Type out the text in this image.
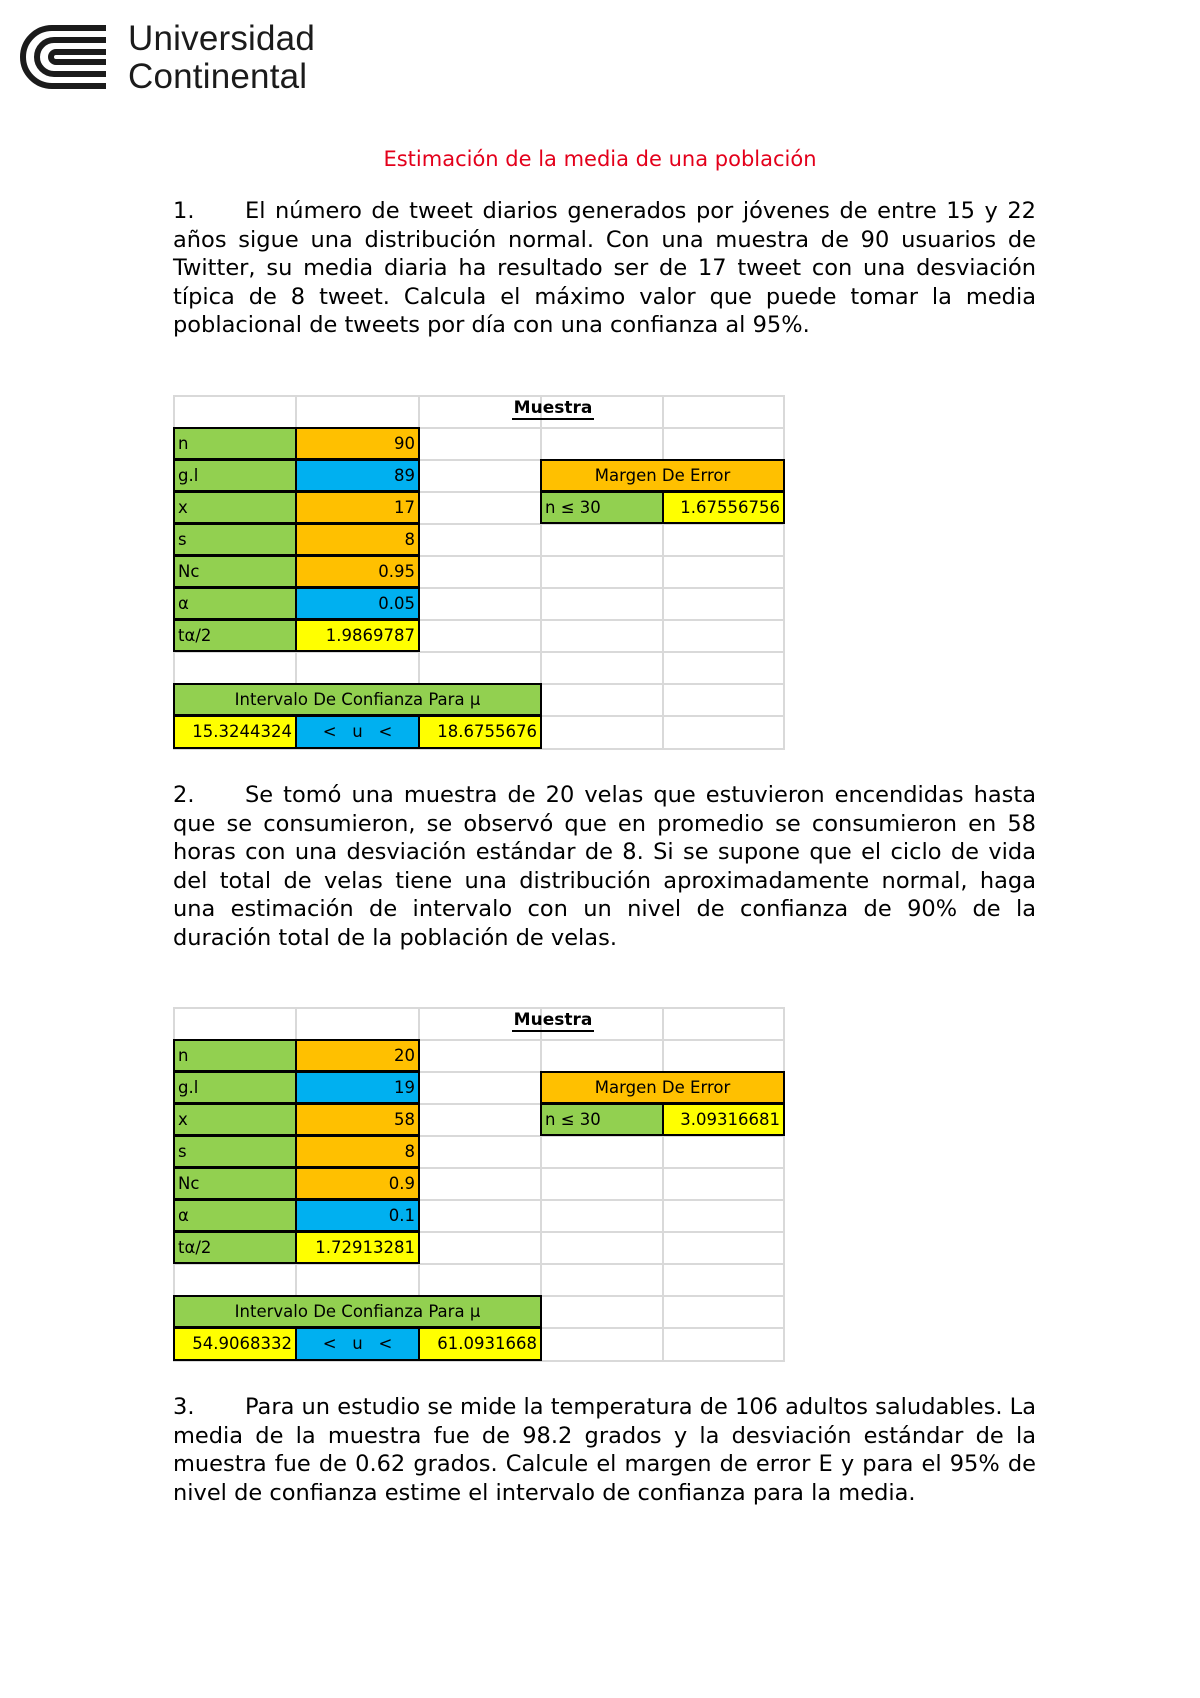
Universidad
Continental
Estimación de la media de una población

1. El número de tweet diarios generados por jóvenes de entre 15 y 22 años sigue una distribución normal. Con una muestra de 90 usuarios de Twitter, su media diaria ha resultado ser de 17 tweet con una desviación típica de 8 tweet. Calcula el máximo valor que puede tomar la media poblacional de tweets por día con una confianza al 95%.

Muestra
n	90
g.l	89
x	17
s	8
Nc	0.95
α	0.05
tα/2	1.9869787
Margen De Error
n ≤ 30	1.67556756
Intervalo De Confianza Para µ
15.3244324	<   u   <	18.6755676

2. Se tomó una muestra de 20 velas que estuvieron encendidas hasta que se consumieron, se observó que en promedio se consumieron en 58 horas con una desviación estándar de 8. Si se supone que el ciclo de vida del total de velas tiene una distribución aproximadamente normal, haga una estimación de intervalo con un nivel de confianza de 90% de la duración total de la población de velas.

Muestra
n	20
g.l	19
x	58
s	8
Nc	0.9
α	0.1
tα/2	1.72913281
Margen De Error
n ≤ 30	3.09316681
Intervalo De Confianza Para µ
54.9068332	<   u   <	61.0931668

3. Para un estudio se mide la temperatura de 106 adultos saludables. La media de la muestra fue de 98.2 grados y la desviación estándar de la muestra fue de 0.62 grados. Calcule el margen de error E y para el 95% de nivel de confianza estime el intervalo de confianza para la media.
